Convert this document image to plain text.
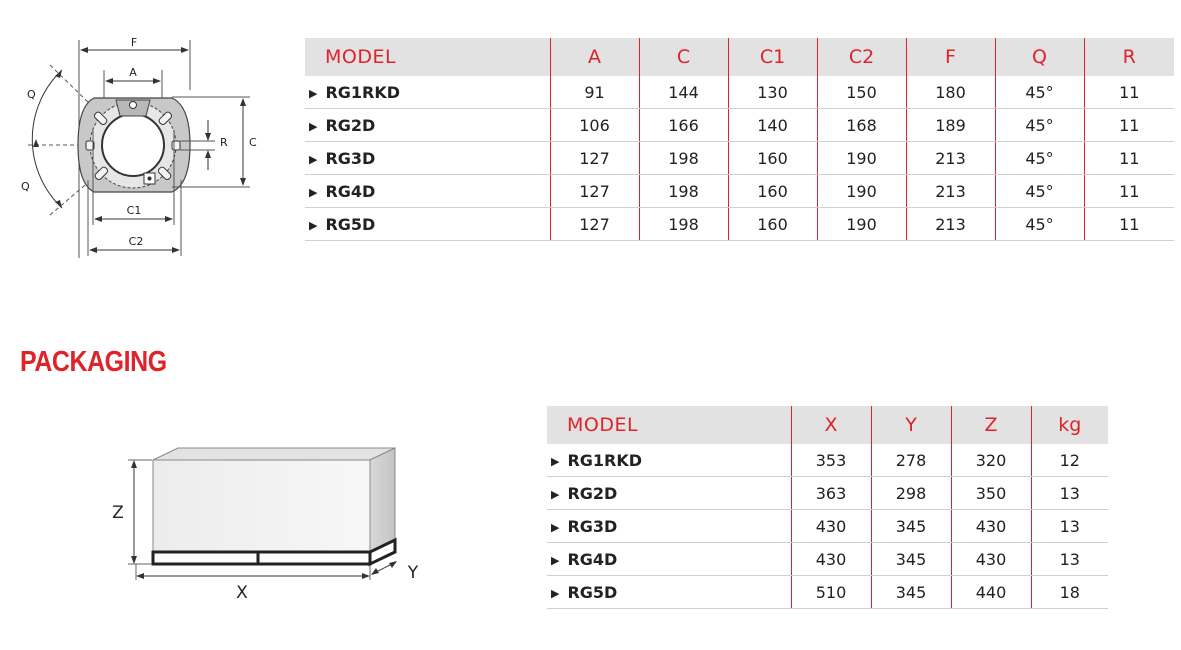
F
A
Q
Q
R C
C1
C2
MODEL	A	C	C1	C2	F	Q	R
▶ RG1RKD	91	144	130	150	180	45°	11
▶ RG2D	106	166	140	168	189	45°	11
▶ RG3D	127	198	160	190	213	45°	11
▶ RG4D	127	198	160	190	213	45°	11
▶ RG5D	127	198	160	190	213	45°	11
PACKAGING
Z
X
Y
MODEL	X	Y	Z	kg
▶ RG1RKD	353	278	320	12
▶ RG2D	363	298	350	13
▶ RG3D	430	345	430	13
▶ RG4D	430	345	430	13
▶ RG5D	510	345	440	18
